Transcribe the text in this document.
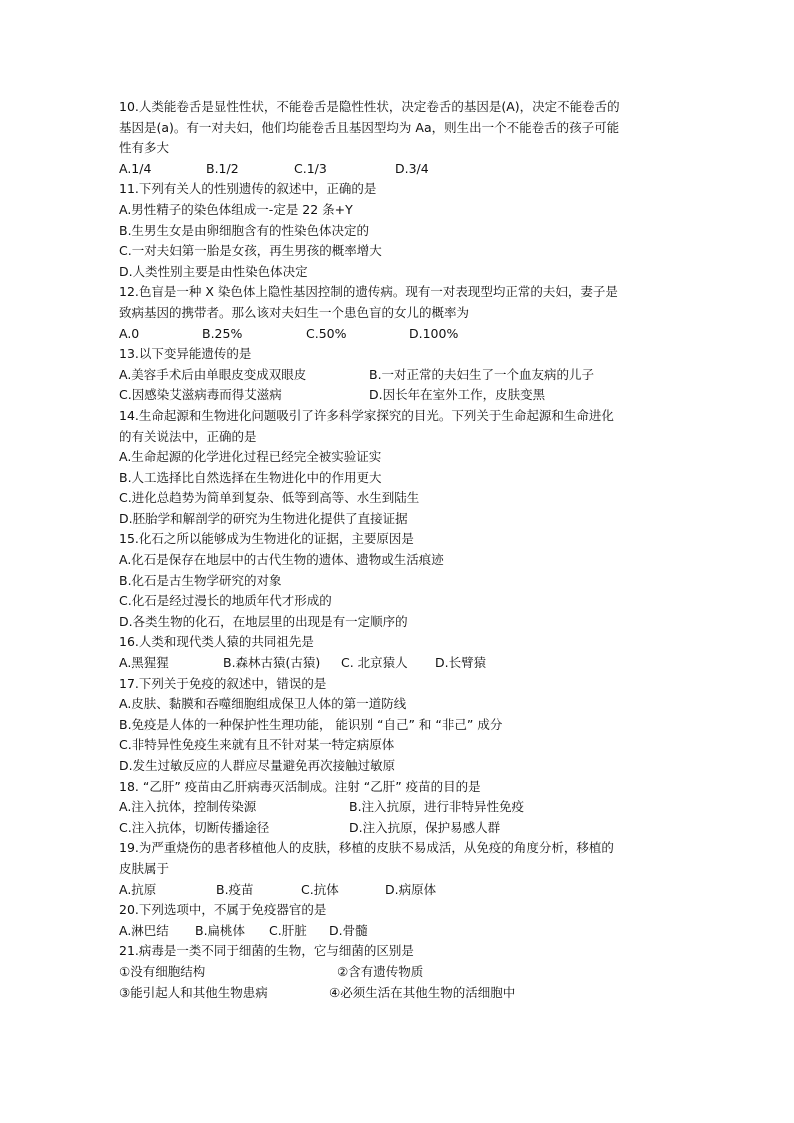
10.人类能卷舌是显性性状，不能卷舌是隐性性状，决定卷舌的基因是(A)，决定不能卷舌的
基因是(a)。有一对夫妇，他们均能卷舌且基因型均为 Aa，则生出一个不能卷舌的孩子可能
性有多大
A.1/4	B.1/2	C.1/3	D.3/4
11.下列有关人的性别遗传的叙述中，正确的是
A.男性精子的染色体组成一-定是 22 条+Y
B.生男生女是由卵细胞含有的性染色体决定的
C.一对夫妇第一胎是女孩，再生男孩的概率增大
D.人类性别主要是由性染色体决定
12.色盲是一种 X 染色体上隐性基因控制的遗传病。现有一对表现型均正常的夫妇，妻子是
致病基因的携带者。那么该对夫妇生一个患色盲的女儿的概率为
A.0	B.25%	C.50%	D.100%
13.以下变异能遗传的是
A.美容手术后由单眼皮变成双眼皮	B.一对正常的夫妇生了一个血友病的儿子
C.因感染艾滋病毒而得艾滋病	D.因长年在室外工作，皮肤变黑
14.生命起源和生物进化问题吸引了许多科学家探究的目光。下列关于生命起源和生命进化
的有关说法中，正确的是
A.生命起源的化学进化过程已经完全被实验证实
B.人工选择比自然选择在生物进化中的作用更大
C.进化总趋势为简单到复杂、低等到高等、水生到陆生
D.胚胎学和解剖学的研究为生物进化提供了直接证据
15.化石之所以能够成为生物进化的证据，主要原因是
A.化石是保存在地层中的古代生物的遗体、遗物或生活痕迹
B.化石是古生物学研究的对象
C.化石是经过漫长的地质年代才形成的
D.各类生物的化石，在地层里的出现是有一定顺序的
16.人类和现代类人猿的共同祖先是
A.黑猩猩	B.森林古猿(古猿) C. 北京猿人 D.长臂猿
17.下列关于免疫的叙述中，错误的是
A.皮肤、黏膜和吞噬细胞组成保卫人体的第一道防线
B.免疫是人体的一种保护性生理功能， 能识别 “自己” 和 “非己” 成分
C.非特异性免疫生来就有且不针对某一特定病原体
D.发生过敏反应的人群应尽量避免再次接触过敏原
18. “乙肝” 疫苗由乙肝病毒灭活制成。注射 “乙肝” 疫苗的目的是
A.注入抗体，控制传染源	B.注入抗原，进行非特异性免疫
C.注入抗体，切断传播途径	D.注入抗原，保护易感人群
19.为严重烧伤的患者移植他人的皮肤，移植的皮肤不易成活，从免疫的角度分析，移植的
皮肤属于
A.抗原	B.疫苗	C.抗体	D.病原体
20.下列选项中，不属于免疫器官的是
A.淋巴结 B.扁桃体 C.肝脏 D.骨髓
21.病毒是一类不同于细菌的生物，它与细菌的区别是
①没有细胞结构	②含有遗传物质
③能引起人和其他生物患病	④必须生活在其他生物的活细胞中
